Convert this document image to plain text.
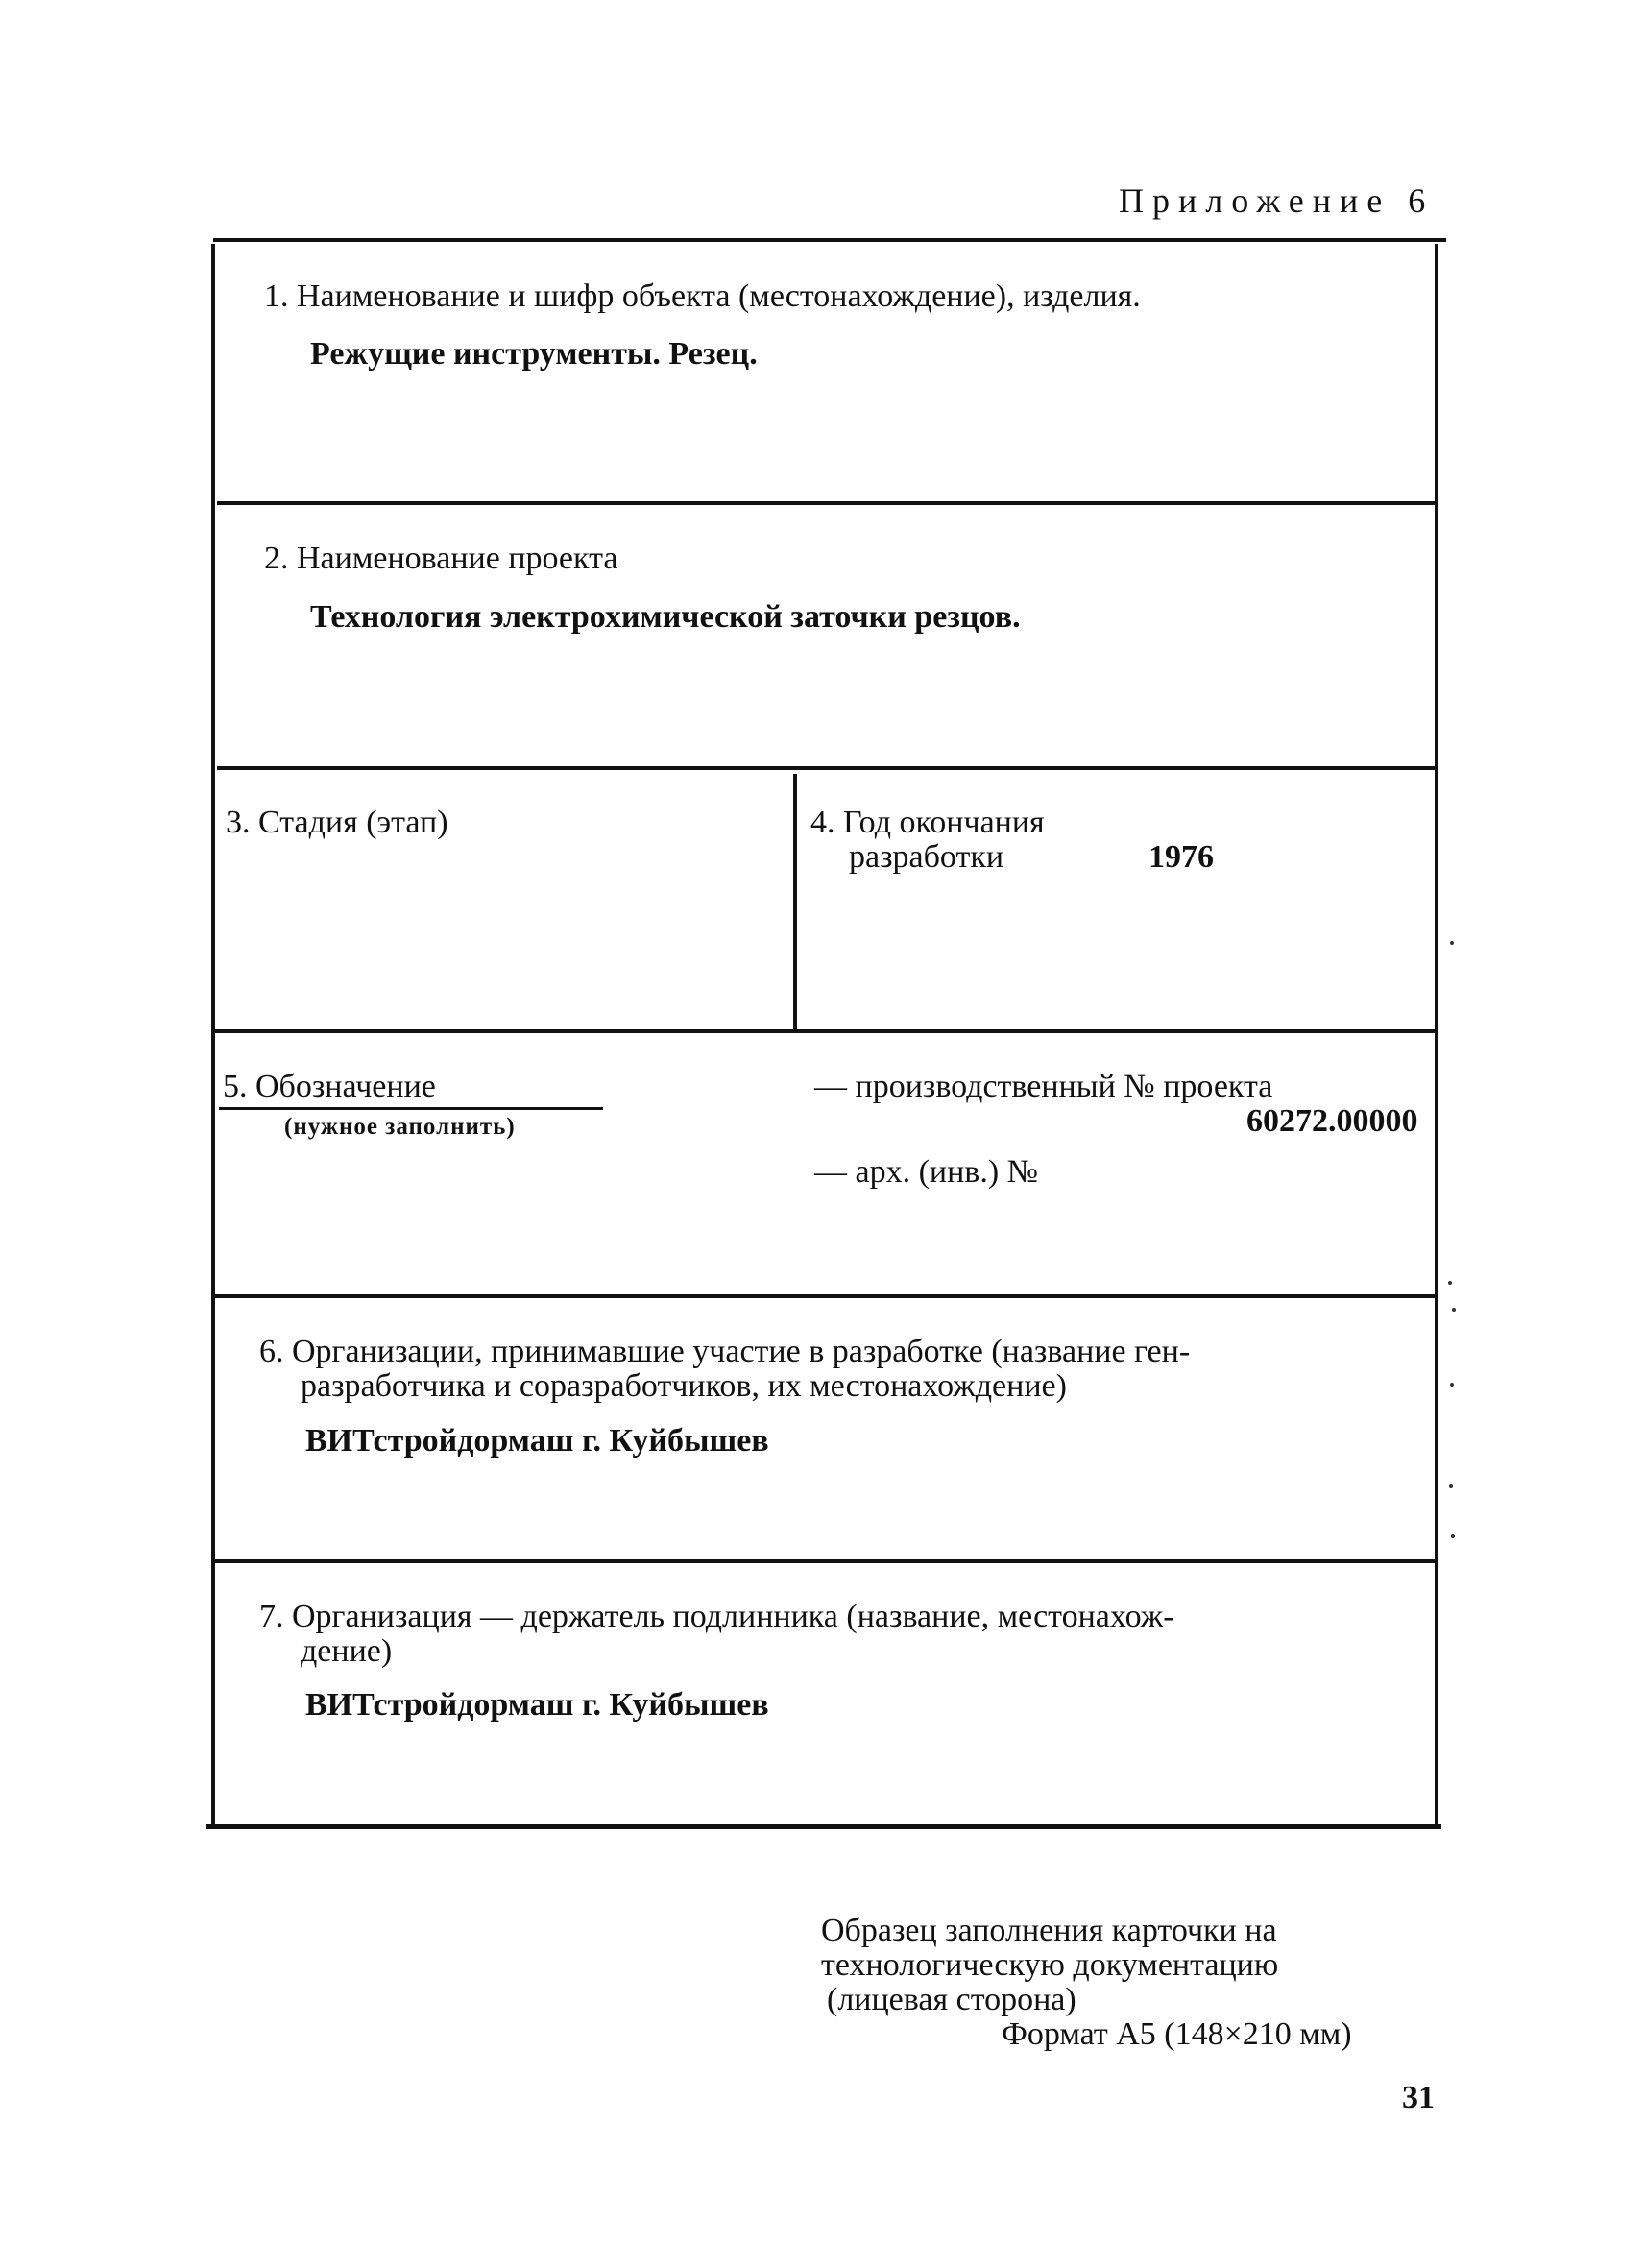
Приложение 6
1. Наименование и шифр объекта (местонахождение), изделия.
Режущие инструменты. Резец.
2. Наименование проекта
Технология электрохимической заточки резцов.
3. Стадия (этап)	4. Год окончания
разработки	1976
5. Обозначение
(нужное заполнить)
— производственный № проекта
60272.00000
— арх. (инв.) №
6. Организации, принимавшие участие в разработке (название ген-
разработчика и соразработчиков, их местонахождение)
ВИТстройдормаш г. Куйбышев
7. Организация — держатель подлинника (название, местонахож-
дение)
ВИТстройдормаш г. Куйбышев
Образец заполнения карточки на
технологическую документацию
(лицевая сторона)
Формат А5 (148×210 мм)
31
